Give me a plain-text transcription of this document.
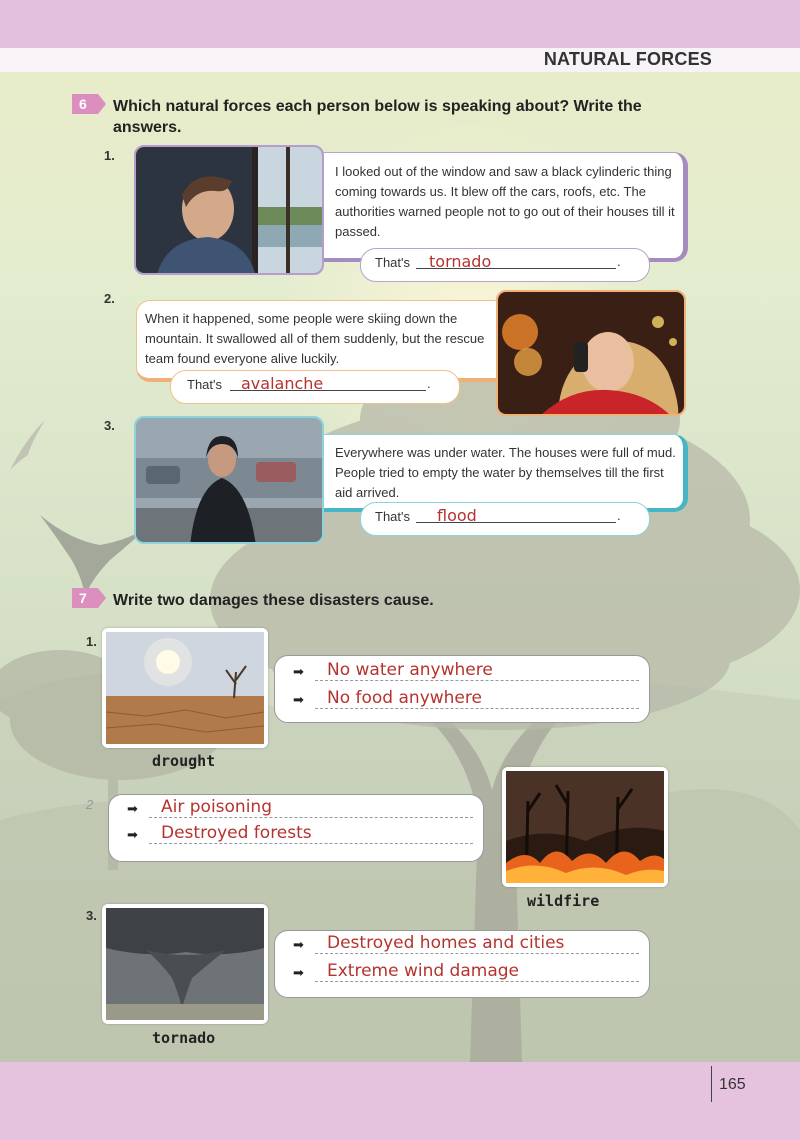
NATURAL FORCES
6 Which natural forces each person below is speaking about? Write the answers.
1.
I looked out of the window and saw a black cylinderic thing coming towards us. It blew off the cars, roofs, etc. The authorities warned people not to go out of their houses till it passed.
That's tornado	.
2.
When it happened, some people were skiing down the mountain. It swallowed all of them suddenly, but the rescue team found everyone alive luckily.
That's avalanche	.
3.
Everywhere was under water. The houses were full of mud. People tried to empty the water by themselves till the first aid arrived.
That's flood	.
7 Write two damages these disasters cause.
1.
drought
➡ No water anywhere
➡ No food anywhere
2	➡ Air poisoning
➡ Destroyed forests
wildfire
3.
tornado
➡ Destroyed homes and cities
➡ Extreme wind damage
165
